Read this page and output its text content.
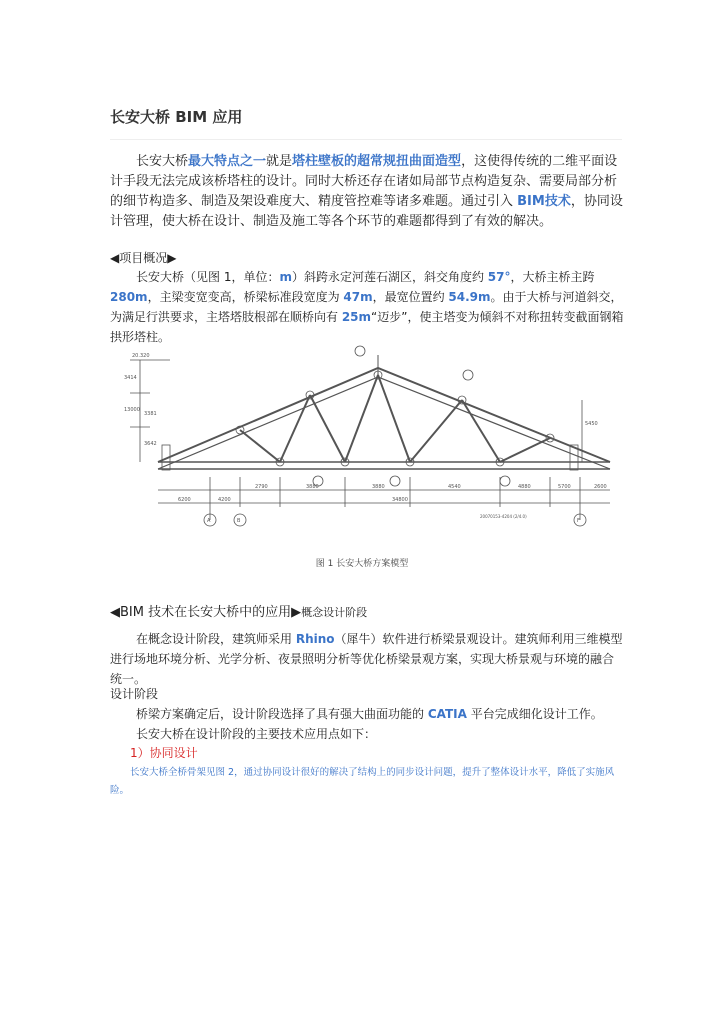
长安大桥 BIM 应用
长安大桥最大特点之一就是塔柱壁板的超常规扭曲面造型，这使得传统的二维平面设计手段无法完成该桥塔柱的设计。同时大桥还存在诸如局部节点构造复杂、需要局部分析的细节构造多、制造及架设难度大、精度管控难等诸多难题。通过引入 BIM技术，协同设计管理，使大桥在设计、制造及施工等各个环节的难题都得到了有效的解决。
◀项目概况▶
长安大桥（见图 1，单位：m）斜跨永定河莲石湖区，斜交角度约 57°，大桥主桥主跨 280m，主梁变宽变高，桥梁标准段宽度为 47m，最宽位置约 54.9m。由于大桥与河道斜交，为满足行洪要求，主塔塔肢根部在顺桥向有 25m“迈步”，使主塔变为倾斜不对称扭转变截面钢箱拱形塔柱。
20.320
3414
13000
3381
3642
5450
6200	4200
2790	3880	3880	4540	4880	5700	2600
34800
A	B	F
20070153-4204 (2/4.0)
图 1 长安大桥方案模型
◀BIM 技术在长安大桥中的应用▶概念设计阶段
在概念设计阶段，建筑师采用 Rhino（犀牛）软件进行桥梁景观设计。建筑师利用三维模型进行场地环境分析、光学分析、夜景照明分析等优化桥梁景观方案，实现大桥景观与环境的融合统一。
设计阶段
桥梁方案确定后，设计阶段选择了具有强大曲面功能的 CATIA 平台完成细化设计工作。
长安大桥在设计阶段的主要技术应用点如下：
1）协同设计
长安大桥全桥骨架见图 2，通过协同设计很好的解决了结构上的同步设计问题，提升了整体设计水平，降低了实施风险。
